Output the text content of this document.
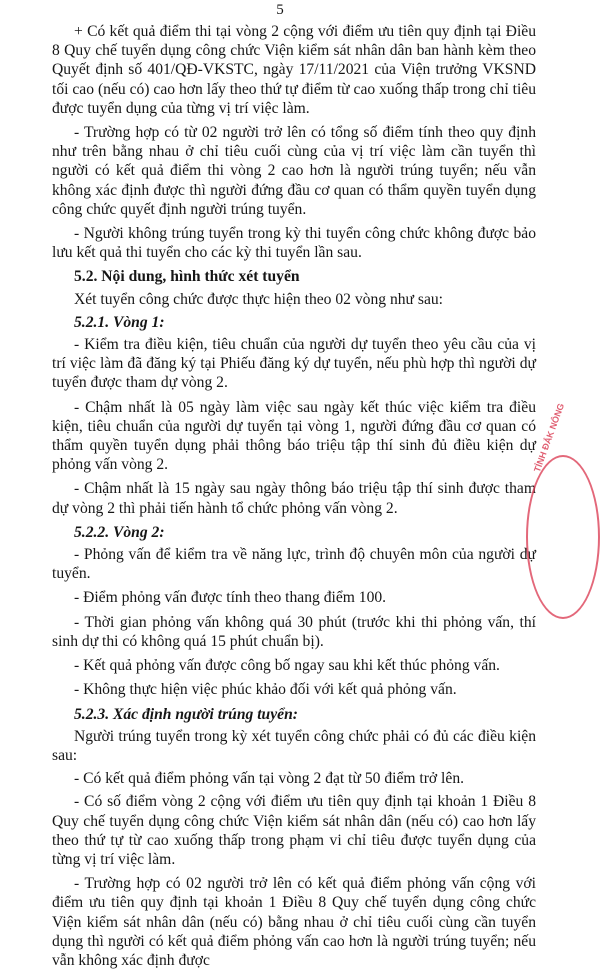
5

+ Có kết quả điểm thi tại vòng 2 cộng với điểm ưu tiên quy định tại Điều 8 Quy chế tuyển dụng công chức Viện kiểm sát nhân dân ban hành kèm theo Quyết định số 401/QĐ-VKSTC, ngày 17/11/2021 của Viện trưởng VKSND tối cao (nếu có) cao hơn lấy theo thứ tự điểm từ cao xuống thấp trong chỉ tiêu được tuyển dụng của từng vị trí việc làm.

- Trường hợp có từ 02 người trở lên có tổng số điểm tính theo quy định như trên bằng nhau ở chỉ tiêu cuối cùng của vị trí việc làm cần tuyển thì người có kết quả điểm thi vòng 2 cao hơn là người trúng tuyển; nếu vẫn không xác định được thì người đứng đầu cơ quan có thẩm quyền tuyển dụng công chức quyết định người trúng tuyển.

- Người không trúng tuyển trong kỳ thi tuyển công chức không được bảo lưu kết quả thi tuyển cho các kỳ thi tuyển lần sau.

5.2. Nội dung, hình thức xét tuyển

Xét tuyển công chức được thực hiện theo 02 vòng như sau:

5.2.1. Vòng 1:

- Kiểm tra điều kiện, tiêu chuẩn của người dự tuyển theo yêu cầu của vị trí việc làm đã đăng ký tại Phiếu đăng ký dự tuyển, nếu phù hợp thì người dự tuyển được tham dự vòng 2.

- Chậm nhất là 05 ngày làm việc sau ngày kết thúc việc kiểm tra điều kiện, tiêu chuẩn của người dự tuyển tại vòng 1, người đứng đầu cơ quan có thẩm quyền tuyển dụng phải thông báo triệu tập thí sinh đủ điều kiện dự phỏng vấn vòng 2.

- Chậm nhất là 15 ngày sau ngày thông báo triệu tập thí sinh được tham dự vòng 2 thì phải tiến hành tổ chức phỏng vấn vòng 2.

5.2.2. Vòng 2:

- Phỏng vấn để kiểm tra về năng lực, trình độ chuyên môn của người dự tuyển.

- Điểm phỏng vấn được tính theo thang điểm 100.

- Thời gian phỏng vấn không quá 30 phút (trước khi thi phỏng vấn, thí sinh dự thi có không quá 15 phút chuẩn bị).

- Kết quả phỏng vấn được công bố ngay sau khi kết thúc phỏng vấn.

- Không thực hiện việc phúc khảo đối với kết quả phỏng vấn.

5.2.3. Xác định người trúng tuyển:

Người trúng tuyển trong kỳ xét tuyển công chức phải có đủ các điều kiện sau:

- Có kết quả điểm phỏng vấn tại vòng 2 đạt từ 50 điểm trở lên.

- Có số điểm vòng 2 cộng với điểm ưu tiên quy định tại khoản 1 Điều 8 Quy chế tuyển dụng công chức Viện kiểm sát nhân dân (nếu có) cao hơn lấy theo thứ tự từ cao xuống thấp trong phạm vi chỉ tiêu được tuyển dụng của từng vị trí việc làm.

- Trường hợp có 02 người trở lên có kết quả điểm phỏng vấn cộng với điểm ưu tiên quy định tại khoản 1 Điều 8 Quy chế tuyển dụng công chức Viện kiểm sát nhân dân (nếu có) bằng nhau ở chỉ tiêu cuối cùng cần tuyển dụng thì người có kết quả điểm phỏng vấn cao hơn là người trúng tuyển; nếu vẫn không xác định được

TỈNH ĐẮK NÔNG
